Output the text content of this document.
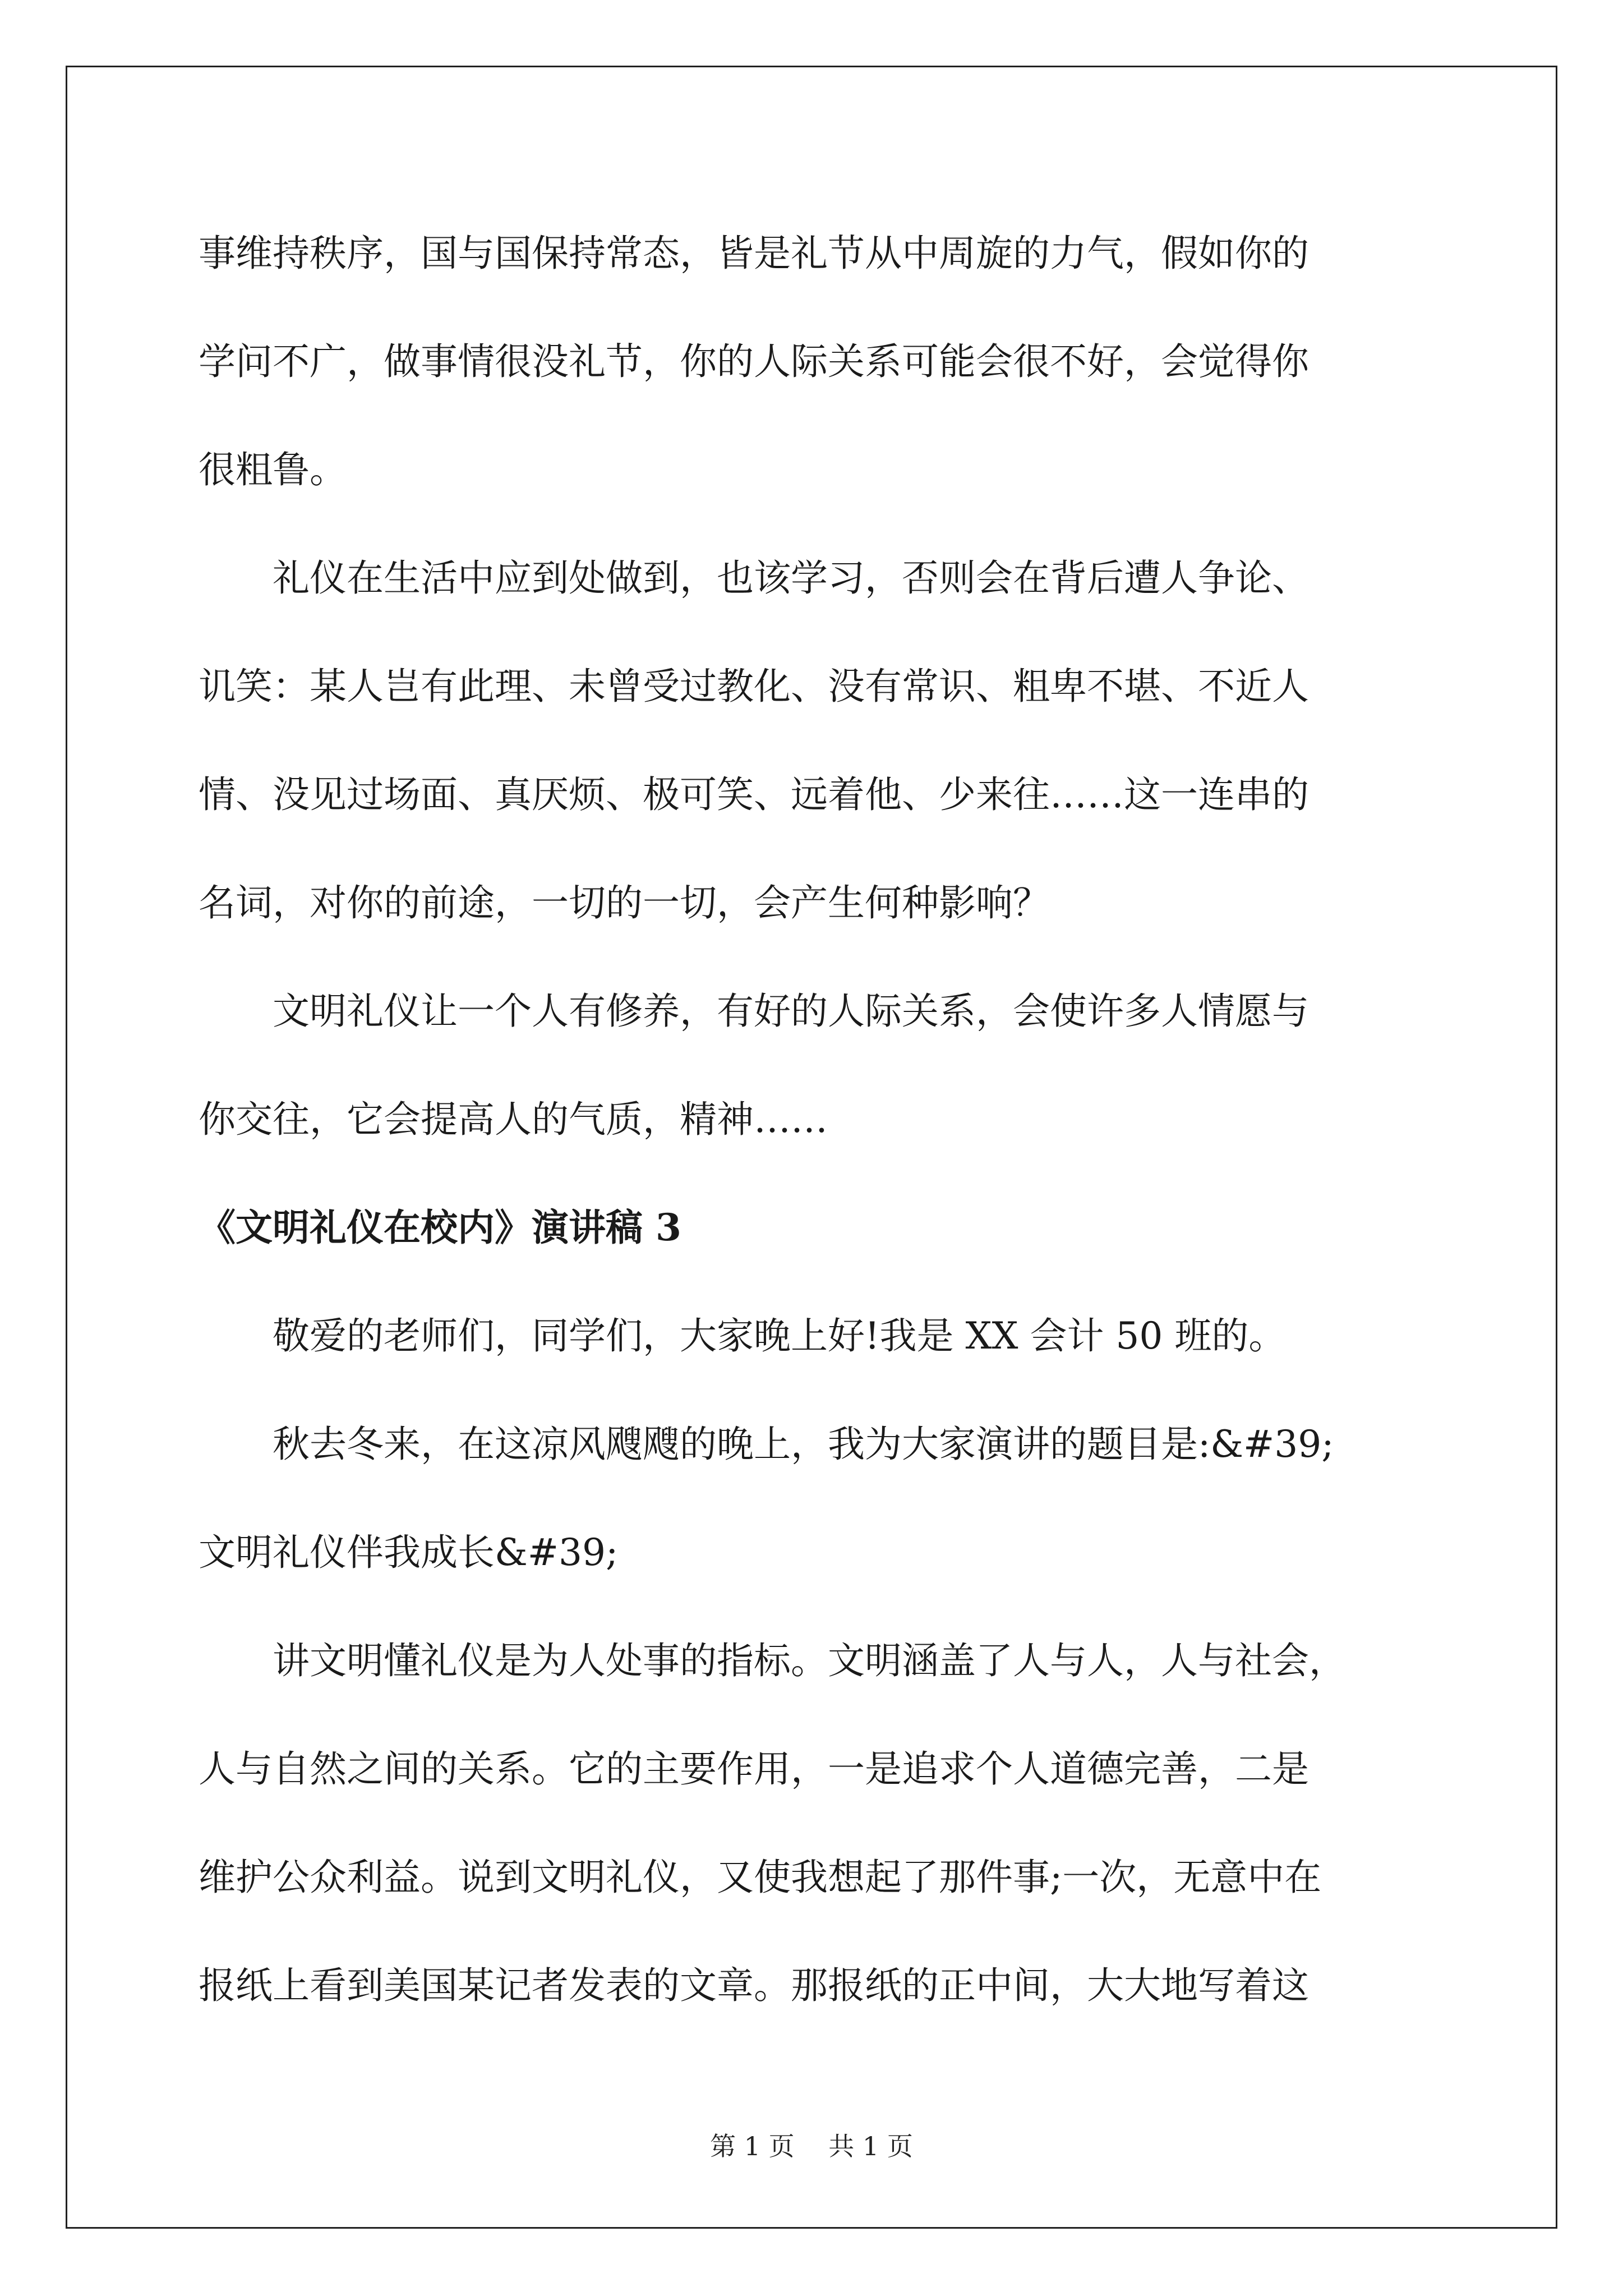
事维持秩序，国与国保持常态，皆是礼节从中周旋的力气，假如你的

学问不广，做事情很没礼节，你的人际关系可能会很不好，会觉得你

很粗鲁。

　　礼仪在生活中应到处做到，也该学习，否则会在背后遭人争论、

讥笑：某人岂有此理、未曾受过教化、没有常识、粗卑不堪、不近人

情、没见过场面、真厌烦、极可笑、远着他、少来往……这一连串的

名词，对你的前途，一切的一切，会产生何种影响？

　　文明礼仪让一个人有修养，有好的人际关系，会使许多人情愿与

你交往，它会提高人的气质，精神……

《文明礼仪在校内》演讲稿 3

　　敬爱的老师们，同学们，大家晚上好!我是 XX 会计 50 班的。

　　秋去冬来，在这凉风飕飕的晚上，我为大家演讲的题目是:&#39;

文明礼仪伴我成长&#39;

　　讲文明懂礼仪是为人处事的指标。文明涵盖了人与人，人与社会，

人与自然之间的关系。它的主要作用，一是追求个人道德完善，二是

维护公众利益。说到文明礼仪，又使我想起了那件事;一次，无意中在

报纸上看到美国某记者发表的文章。那报纸的正中间，大大地写着这

第 1 页　 共 1 页
